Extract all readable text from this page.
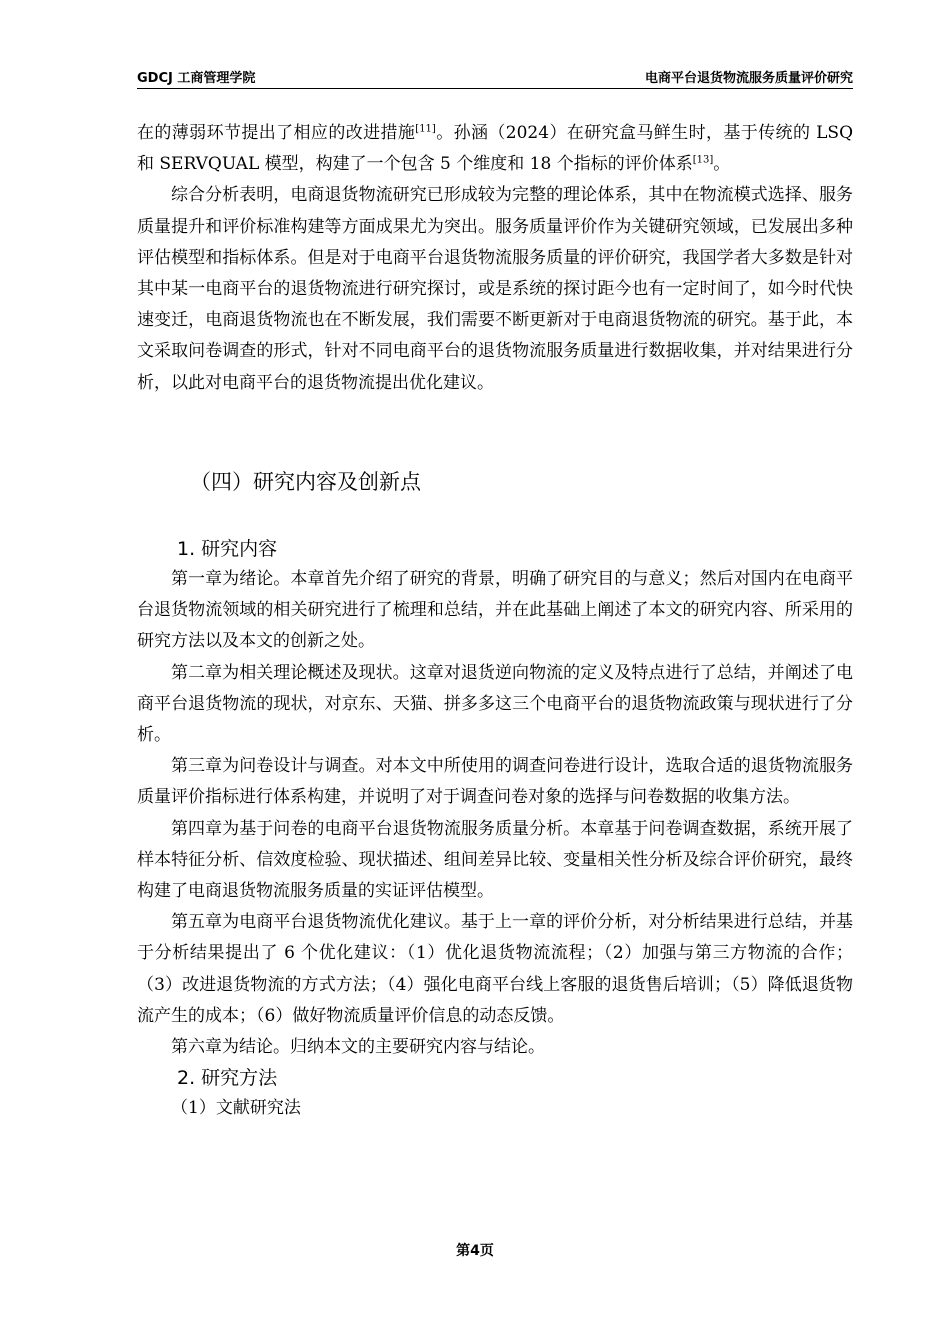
GDCJ 工商管理学院	电商平台退货物流服务质量评价研究

在的薄弱环节提出了相应的改进措施[11]。孙涵（2024）在研究盒马鲜生时，基于传统的 LSQ 和 SERVQUAL 模型，构建了一个包含 5 个维度和 18 个指标的评价体系[13]。

综合分析表明，电商退货物流研究已形成较为完整的理论体系，其中在物流模式选择、服务质量提升和评价标准构建等方面成果尤为突出。服务质量评价作为关键研究领域，已发展出多种评估模型和指标体系。但是对于电商平台退货物流服务质量的评价研究，我国学者大多数是针对其中某一电商平台的退货物流进行研究探讨，或是系统的探讨距今也有一定时间了，如今时代快速变迁，电商退货物流也在不断发展，我们需要不断更新对于电商退货物流的研究。基于此，本文采取问卷调查的形式，针对不同电商平台的退货物流服务质量进行数据收集，并对结果进行分析，以此对电商平台的退货物流提出优化建议。

（四）研究内容及创新点
1. 研究内容

第一章为绪论。本章首先介绍了研究的背景，明确了研究目的与意义；然后对国内在电商平台退货物流领域的相关研究进行了梳理和总结，并在此基础上阐述了本文的研究内容、所采用的研究方法以及本文的创新之处。

第二章为相关理论概述及现状。这章对退货逆向物流的定义及特点进行了总结，并阐述了电商平台退货物流的现状，对京东、天猫、拼多多这三个电商平台的退货物流政策与现状进行了分析。

第三章为问卷设计与调查。对本文中所使用的调查问卷进行设计，选取合适的退货物流服务质量评价指标进行体系构建，并说明了对于调查问卷对象的选择与问卷数据的收集方法。

第四章为基于问卷的电商平台退货物流服务质量分析。本章基于问卷调查数据，系统开展了样本特征分析、信效度检验、现状描述、组间差异比较、变量相关性分析及综合评价研究，最终构建了电商退货物流服务质量的实证评估模型。

第五章为电商平台退货物流优化建议。基于上一章的评价分析，对分析结果进行总结，并基于分析结果提出了 6 个优化建议：（1）优化退货物流流程；（2）加强与第三方物流的合作；（3）改进退货物流的方式方法；（4）强化电商平台线上客服的退货售后培训；（5）降低退货物流产生的成本；（6）做好物流质量评价信息的动态反馈。

第六章为结论。归纳本文的主要研究内容与结论。

2. 研究方法

（1）文献研究法

第4页
